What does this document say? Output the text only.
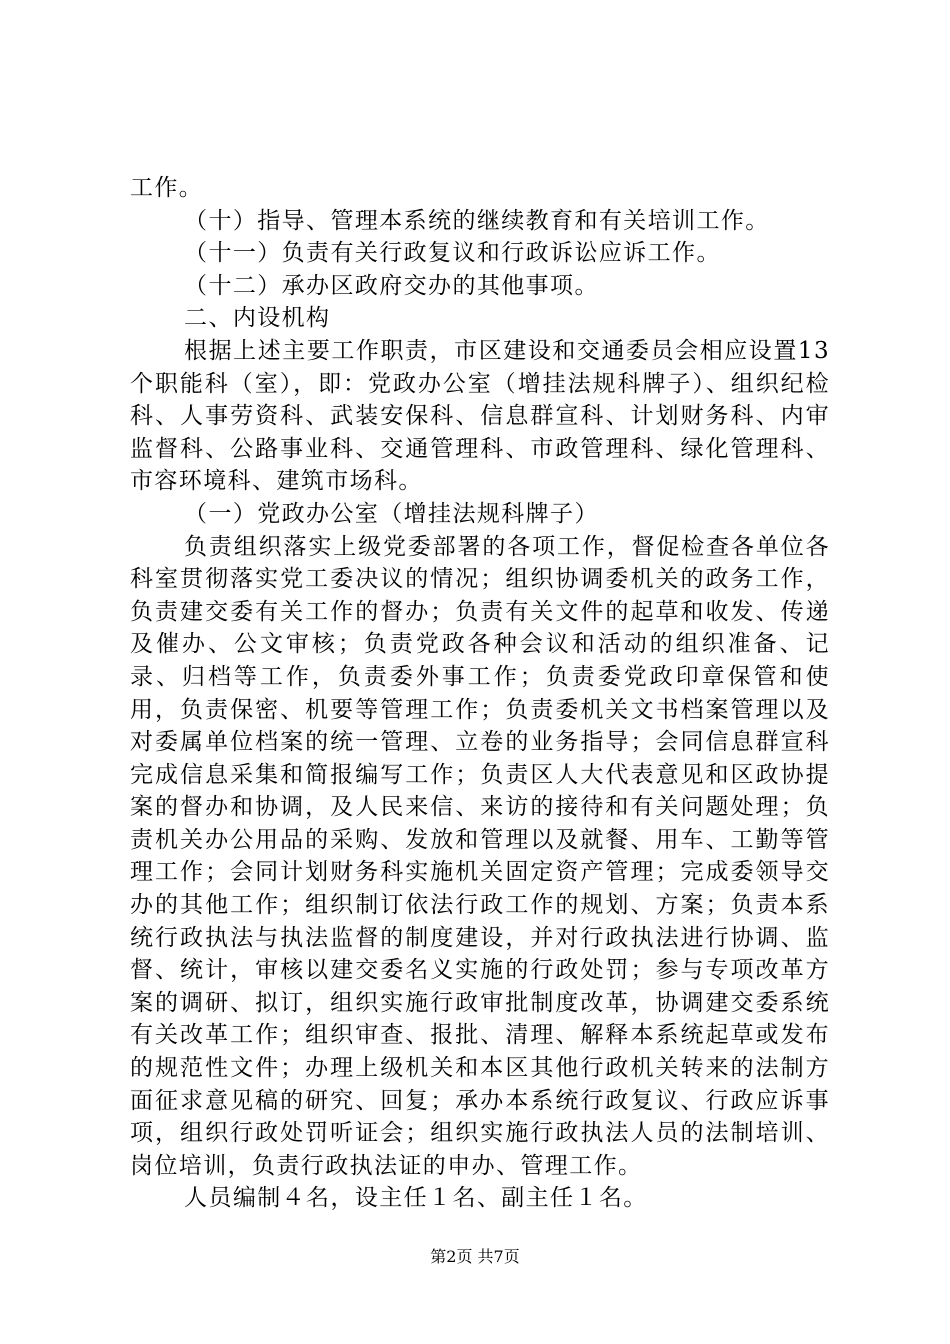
工作。

（十）指导、管理本系统的继续教育和有关培训工作。

（十一）负责有关行政复议和行政诉讼应诉工作。

（十二）承办区政府交办的其他事项。

二、内设机构

根据上述主要工作职责，市区建设和交通委员会相应设置13个职能科（室），即：党政办公室（增挂法规科牌子）、组织纪检科、人事劳资科、武装安保科、信息群宣科、计划财务科、内审监督科、公路事业科、交通管理科、市政管理科、绿化管理科、市容环境科、建筑市场科。

（一）党政办公室（增挂法规科牌子）

负责组织落实上级党委部署的各项工作，督促检查各单位各科室贯彻落实党工委决议的情况；组织协调委机关的政务工作，负责建交委有关工作的督办；负责有关文件的起草和收发、传递及催办、公文审核；负责党政各种会议和活动的组织准备、记录、归档等工作，负责委外事工作；负责委党政印章保管和使用，负责保密、机要等管理工作；负责委机关文书档案管理以及对委属单位档案的统一管理、立卷的业务指导；会同信息群宣科完成信息采集和简报编写工作；负责区人大代表意见和区政协提案的督办和协调，及人民来信、来访的接待和有关问题处理；负责机关办公用品的采购、发放和管理以及就餐、用车、工勤等管理工作；会同计划财务科实施机关固定资产管理；完成委领导交办的其他工作；组织制订依法行政工作的规划、方案；负责本系统行政执法与执法监督的制度建设，并对行政执法进行协调、监督、统计，审核以建交委名义实施的行政处罚；参与专项改革方案的调研、拟订，组织实施行政审批制度改革，协调建交委系统有关改革工作；组织审查、报批、清理、解释本系统起草或发布的规范性文件；办理上级机关和本区其他行政机关转来的法制方面征求意见稿的研究、回复；承办本系统行政复议、行政应诉事项，组织行政处罚听证会；组织实施行政执法人员的法制培训、岗位培训，负责行政执法证的申办、管理工作。

人员编制４名，设主任１名、副主任１名。

第2页 共7页
